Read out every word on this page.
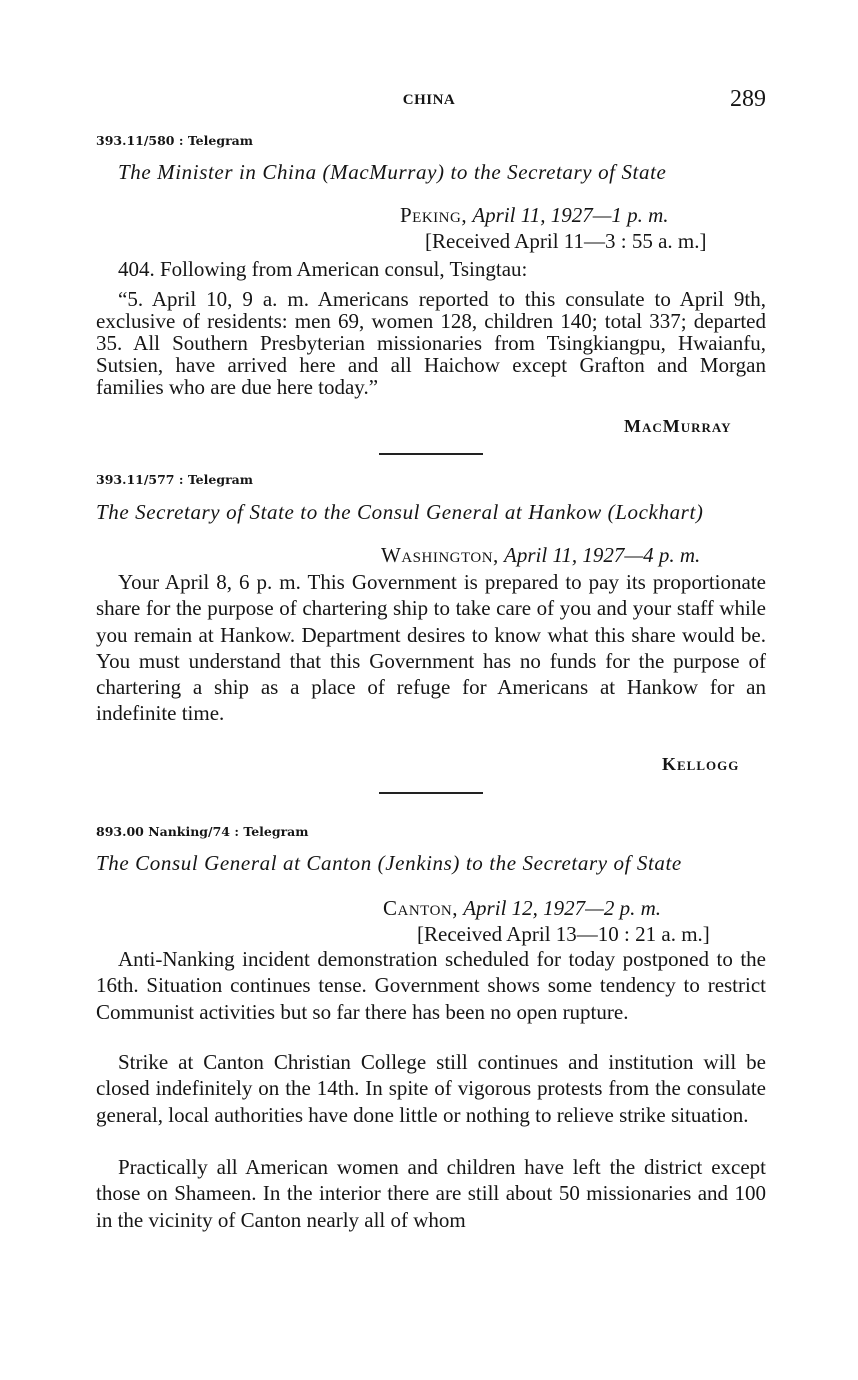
CHINA	289
393.11/580 : Telegram
The Minister in China (MacMurray) to the Secretary of State
Peking, April 11, 1927—1 p. m.
[Received April 11—3 : 55 a. m.]
404. Following from American consul, Tsingtau:
“5. April 10, 9 a. m. Americans reported to this consulate to April 9th, exclusive of residents: men 69, women 128, children 140; total 337; departed 35. All Southern Presbyterian missionaries from Tsingkiangpu, Hwaianfu, Sutsien, have arrived here and all Haichow except Grafton and Morgan families who are due here today.”
MacMurray
393.11/577 : Telegram
The Secretary of State to the Consul General at Hankow (Lockhart)
Washington, April 11, 1927—4 p. m.
Your April 8, 6 p. m. This Government is prepared to pay its proportionate share for the purpose of chartering ship to take care of you and your staff while you remain at Hankow. Department desires to know what this share would be. You must understand that this Government has no funds for the purpose of chartering a ship as a place of refuge for Americans at Hankow for an indefinite time.
Kellogg
893.00 Nanking/74 : Telegram
The Consul General at Canton (Jenkins) to the Secretary of State
Canton, April 12, 1927—2 p. m.
[Received April 13—10 : 21 a. m.]
Anti-Nanking incident demonstration scheduled for today postponed to the 16th. Situation continues tense. Government shows some tendency to restrict Communist activities but so far there has been no open rupture.
Strike at Canton Christian College still continues and institution will be closed indefinitely on the 14th. In spite of vigorous protests from the consulate general, local authorities have done little or nothing to relieve strike situation.
Practically all American women and children have left the district except those on Shameen. In the interior there are still about 50 missionaries and 100 in the vicinity of Canton nearly all of whom
